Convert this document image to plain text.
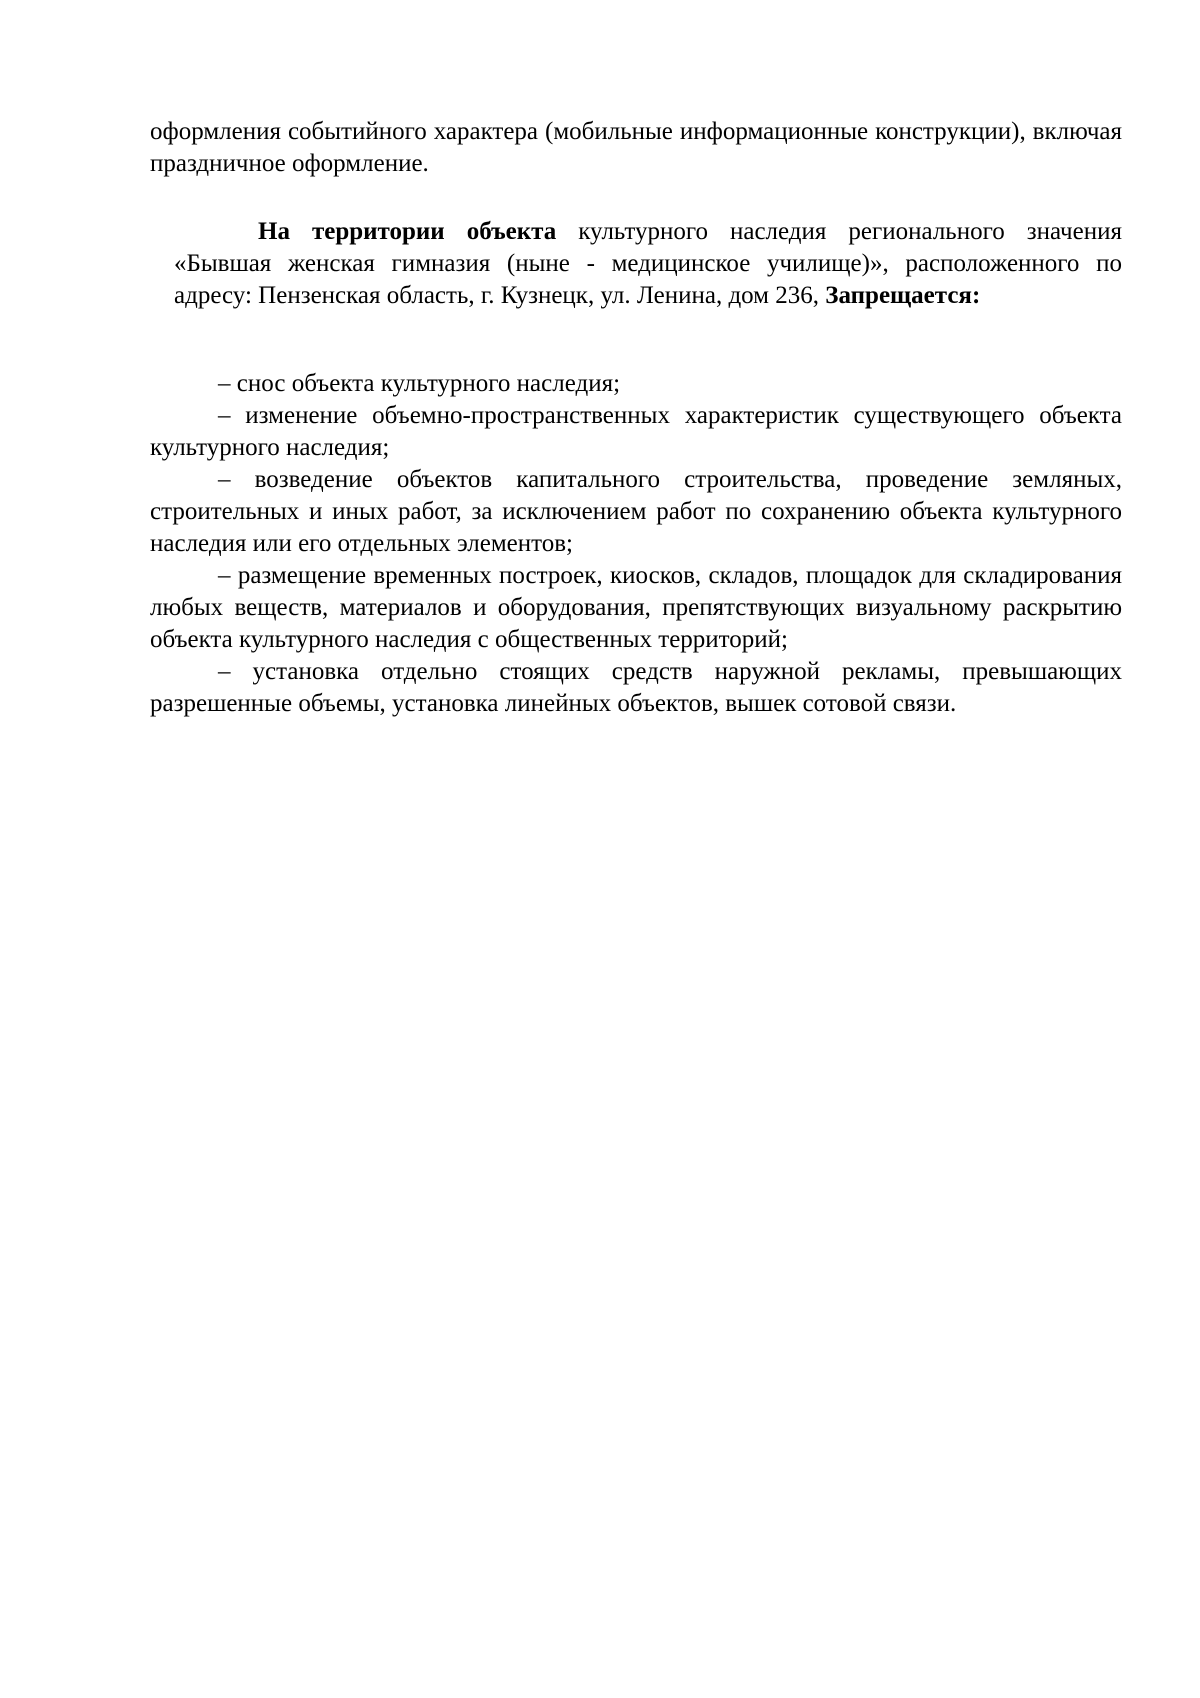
оформления событийного характера (мобильные информационные конструкции), включая праздничное оформление.

На территории объекта культурного наследия регионального значения «Бывшая женская гимназия (ныне - медицинское училище)», расположенного по адресу: Пензенская область, г. Кузнецк, ул. Ленина, дом 236, Запрещается:

– снос объекта культурного наследия;
– изменение объемно-пространственных характеристик существующего объекта культурного наследия;
– возведение объектов капитального строительства, проведение земляных, строительных и иных работ, за исключением работ по сохранению объекта культурного наследия или его отдельных элементов;
– размещение временных построек, киосков, складов, площадок для складирования любых веществ, материалов и оборудования, препятствующих визуальному раскрытию объекта культурного наследия с общественных территорий;
– установка отдельно стоящих средств наружной рекламы, превышающих разрешенные объемы, установка линейных объектов, вышек сотовой связи.
